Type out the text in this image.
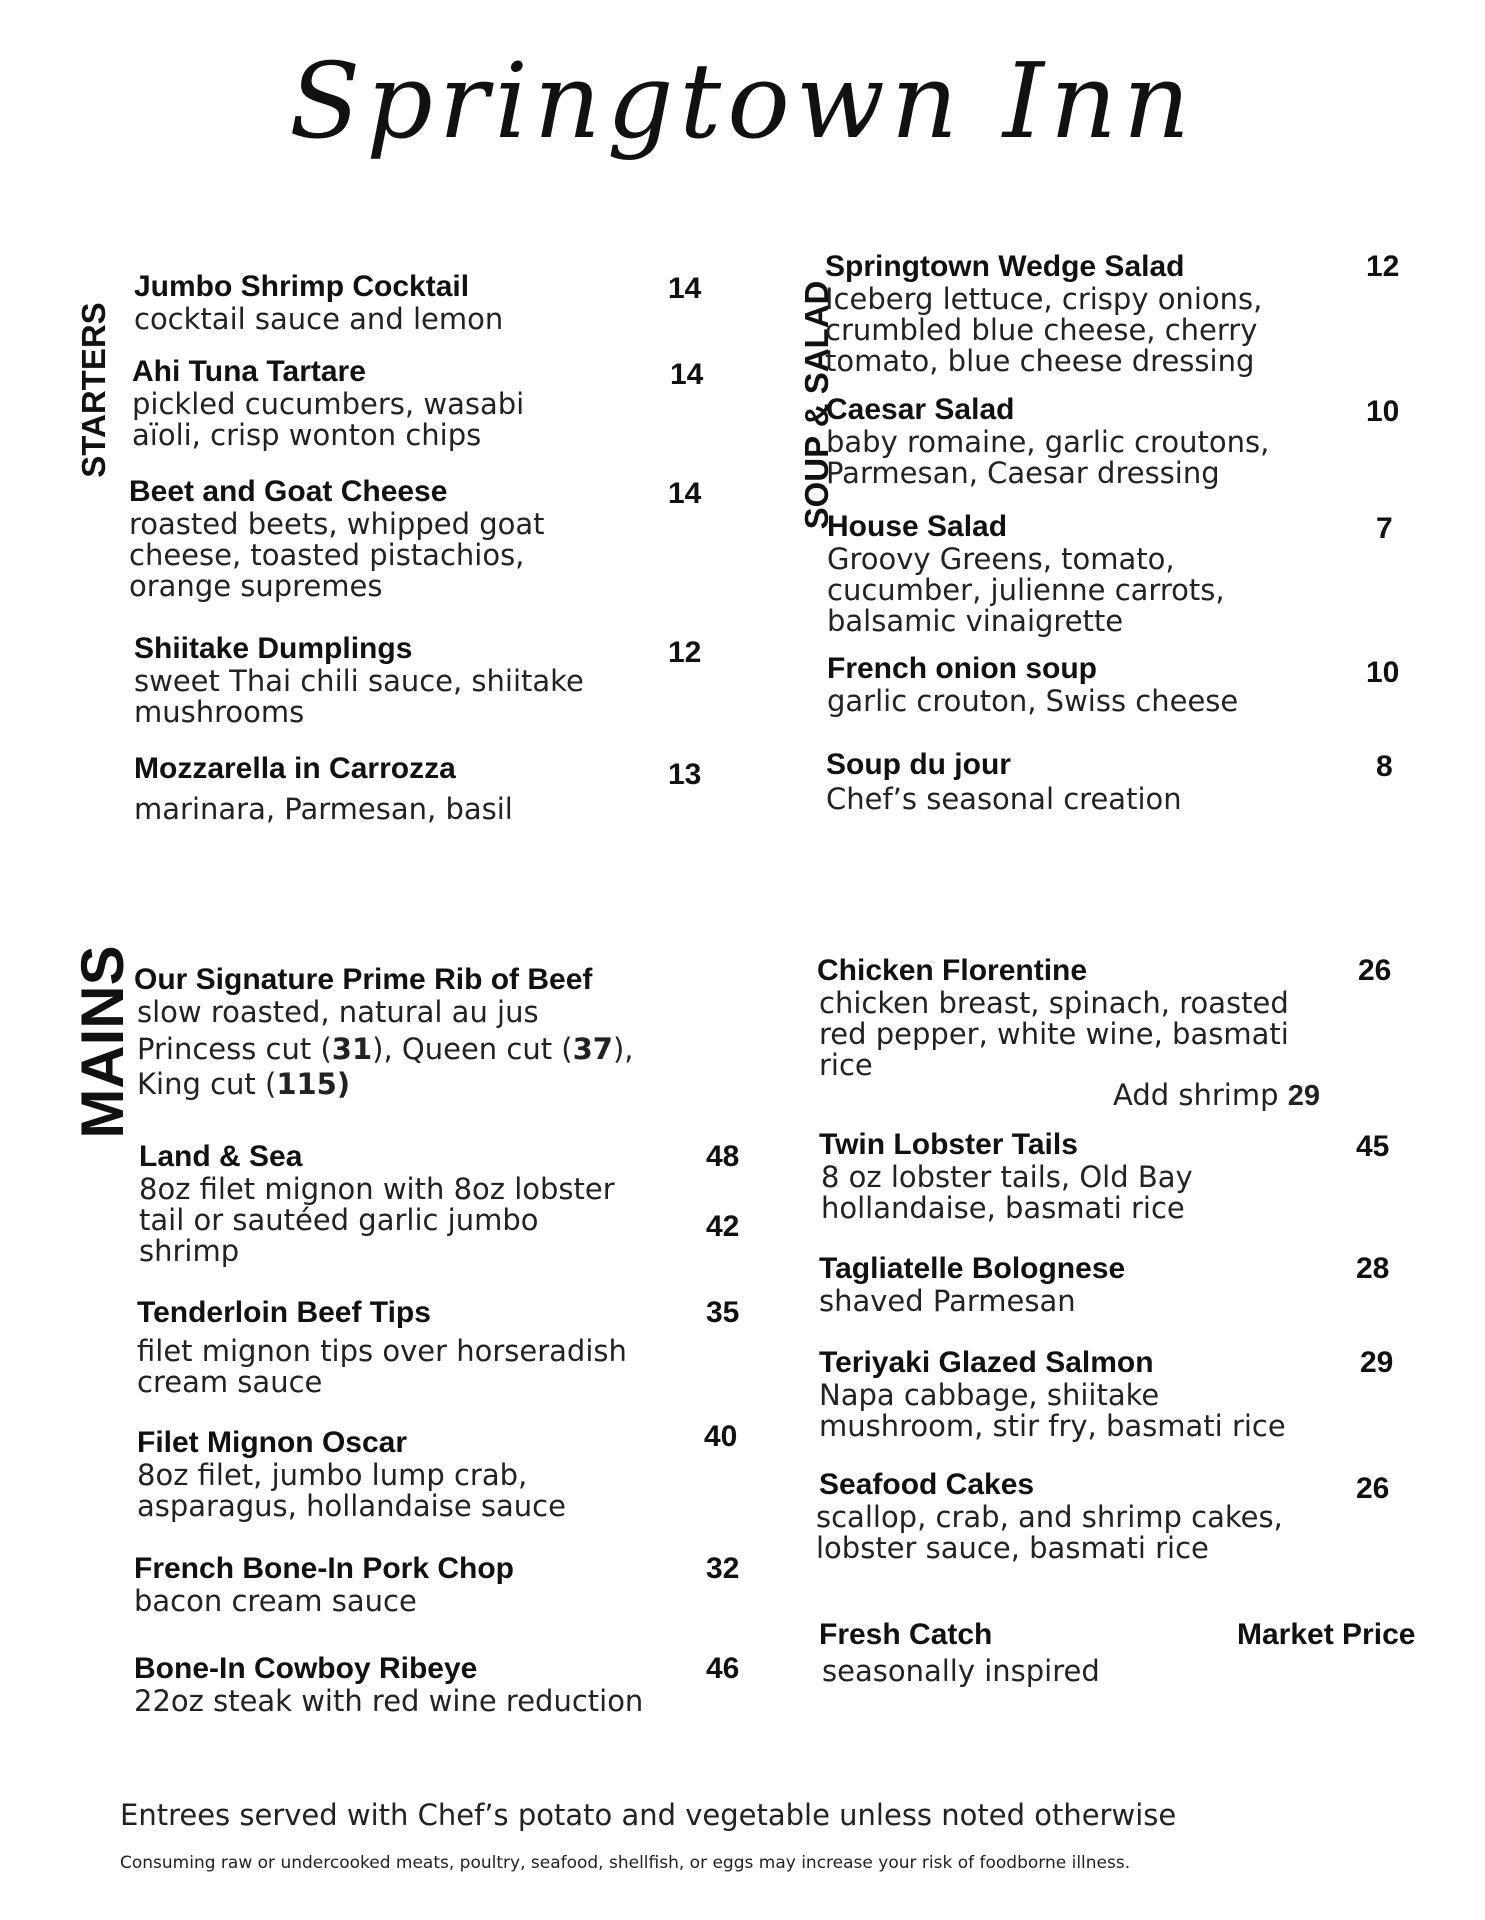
Springtown Inn
STARTERS	SOUP & SALAD
MAINS
Jumbo Shrimp Cocktail
cocktail sauce and lemon
14
Ahi Tuna Tartare
pickled cucumbers, wasabi
aïoli, crisp wonton chips
14
Beet and Goat Cheese
roasted beets, whipped goat
cheese, toasted pistachios,
orange supremes
14
Shiitake Dumplings
sweet Thai chili sauce, shiitake
mushrooms
12
Mozzarella in Carrozza
marinara, Parmesan, basil
13
Springtown Wedge Salad
Iceberg lettuce, crispy onions,
crumbled blue cheese, cherry
tomato, blue cheese dressing
12
Caesar Salad
baby romaine, garlic croutons,
Parmesan, Caesar dressing
10
House Salad
Groovy Greens, tomato,
cucumber, julienne carrots,
balsamic vinaigrette
7
French onion soup
garlic crouton, Swiss cheese
10
Soup du jour
Chef’s seasonal creation
8
Our Signature Prime Rib of Beef
slow roasted, natural au jus
Princess cut (31), Queen cut (37),
King cut (115)
Land & Sea
8oz filet mignon with 8oz lobster
tail or sautéed garlic jumbo
shrimp
48
42
Tenderloin Beef Tips
filet mignon tips over horseradish
cream sauce
35
Filet Mignon Oscar
8oz filet, jumbo lump crab,
asparagus, hollandaise sauce
40
French Bone-In Pork Chop
bacon cream sauce
32
Bone-In Cowboy Ribeye
22oz steak with red wine reduction
46
Chicken Florentine
chicken breast, spinach, roasted
red pepper, white wine, basmati
rice
26
Add shrimp 29
Twin Lobster Tails
8 oz lobster tails, Old Bay
hollandaise, basmati rice
45
Tagliatelle Bolognese
shaved Parmesan
28
Teriyaki Glazed Salmon
Napa cabbage, shiitake
mushroom, stir fry, basmati rice
29
Seafood Cakes
scallop, crab, and shrimp cakes,
lobster sauce, basmati rice
26
Fresh Catch
seasonally inspired
Market Price
Entrees served with Chef’s potato and vegetable unless noted otherwise
Consuming raw or undercooked meats, poultry, seafood, shellfish, or eggs may increase your risk of foodborne illness.
